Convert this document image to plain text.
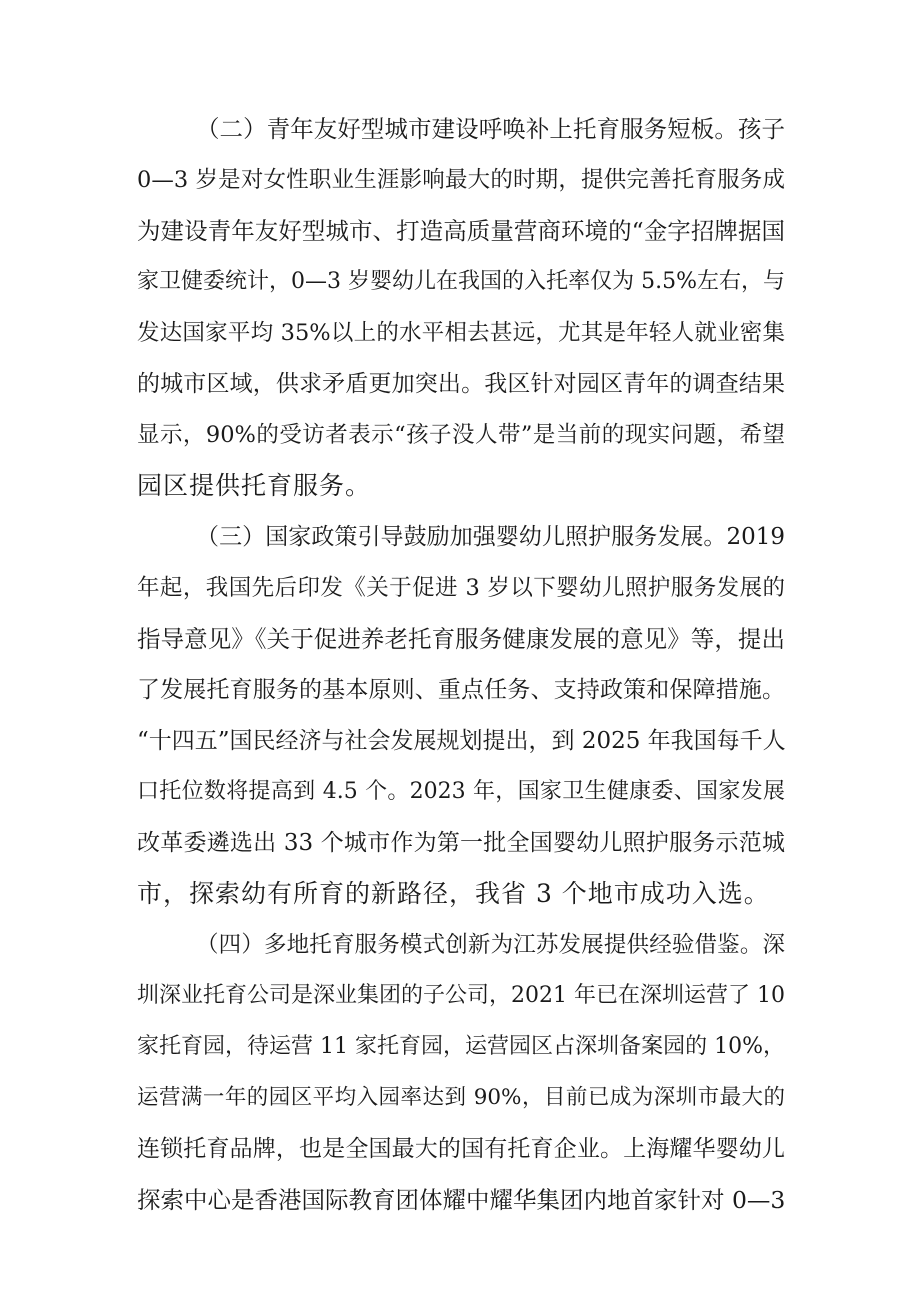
（二）青年友好型城市建设呼唤补上托育服务短板。孩子
0—3 岁是对女性职业生涯影响最大的时期，提供完善托育服务成
为建设青年友好型城市、打造高质量营商环境的“金字招牌据国
家卫健委统计，0—3 岁婴幼儿在我国的入托率仅为 5.5%左右，与
发达国家平均 35%以上的水平相去甚远，尤其是年轻人就业密集
的城市区域，供求矛盾更加突出。我区针对园区青年的调查结果
显示，90%的受访者表示“孩子没人带”是当前的现实问题，希望
园区提供托育服务。
（三）国家政策引导鼓励加强婴幼儿照护服务发展。2019
年起，我国先后印发《关于促进 3 岁以下婴幼儿照护服务发展的
指导意见》《关于促进养老托育服务健康发展的意见》等，提出
了发展托育服务的基本原则、重点任务、支持政策和保障措施。
“十四五”国民经济与社会发展规划提出，到 2025 年我国每千人
口托位数将提高到 4.5 个。2023 年，国家卫生健康委、国家发展
改革委遴选出 33 个城市作为第一批全国婴幼儿照护服务示范城
市，探索幼有所育的新路径，我省 3 个地市成功入选。
（四）多地托育服务模式创新为江苏发展提供经验借鉴。深
圳深业托育公司是深业集团的子公司，2021 年已在深圳运营了 10
家托育园，待运营 11 家托育园，运营园区占深圳备案园的 10%，
运营满一年的园区平均入园率达到 90%，目前已成为深圳市最大的
连锁托育品牌，也是全国最大的国有托育企业。上海耀华婴幼儿
探索中心是香港国际教育团体耀中耀华集团内地首家针对 0—3
